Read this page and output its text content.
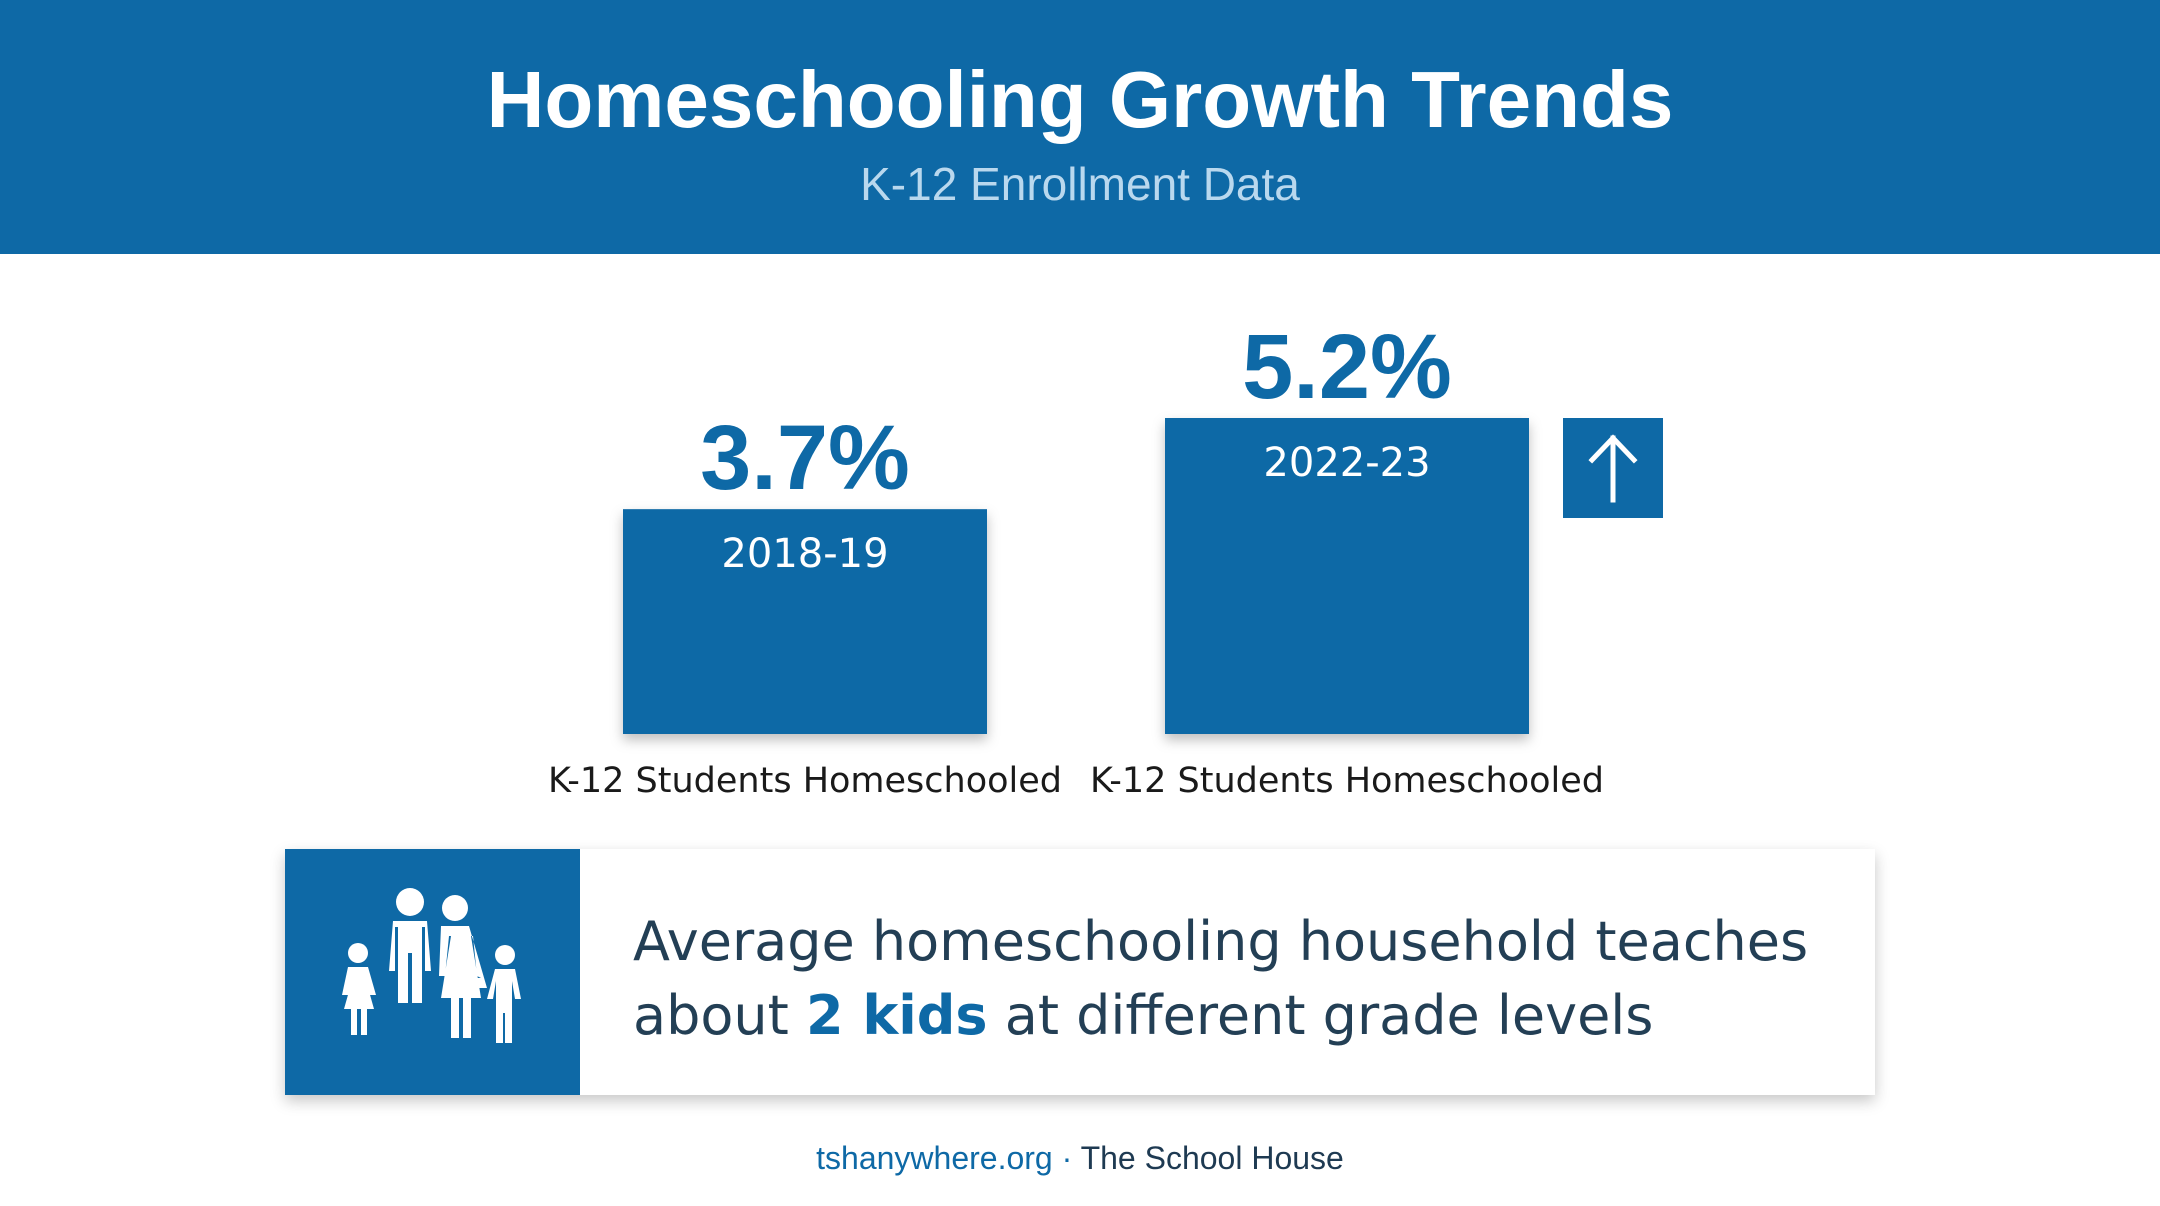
Homeschooling Growth Trends
K-12 Enrollment Data
3.7%
2018-19
K-12 Students Homeschooled
5.2%
2022-23
K-12 Students Homeschooled
Average homeschooling household teaches
about 2 kids at different grade levels
tshanywhere.org · The School House
